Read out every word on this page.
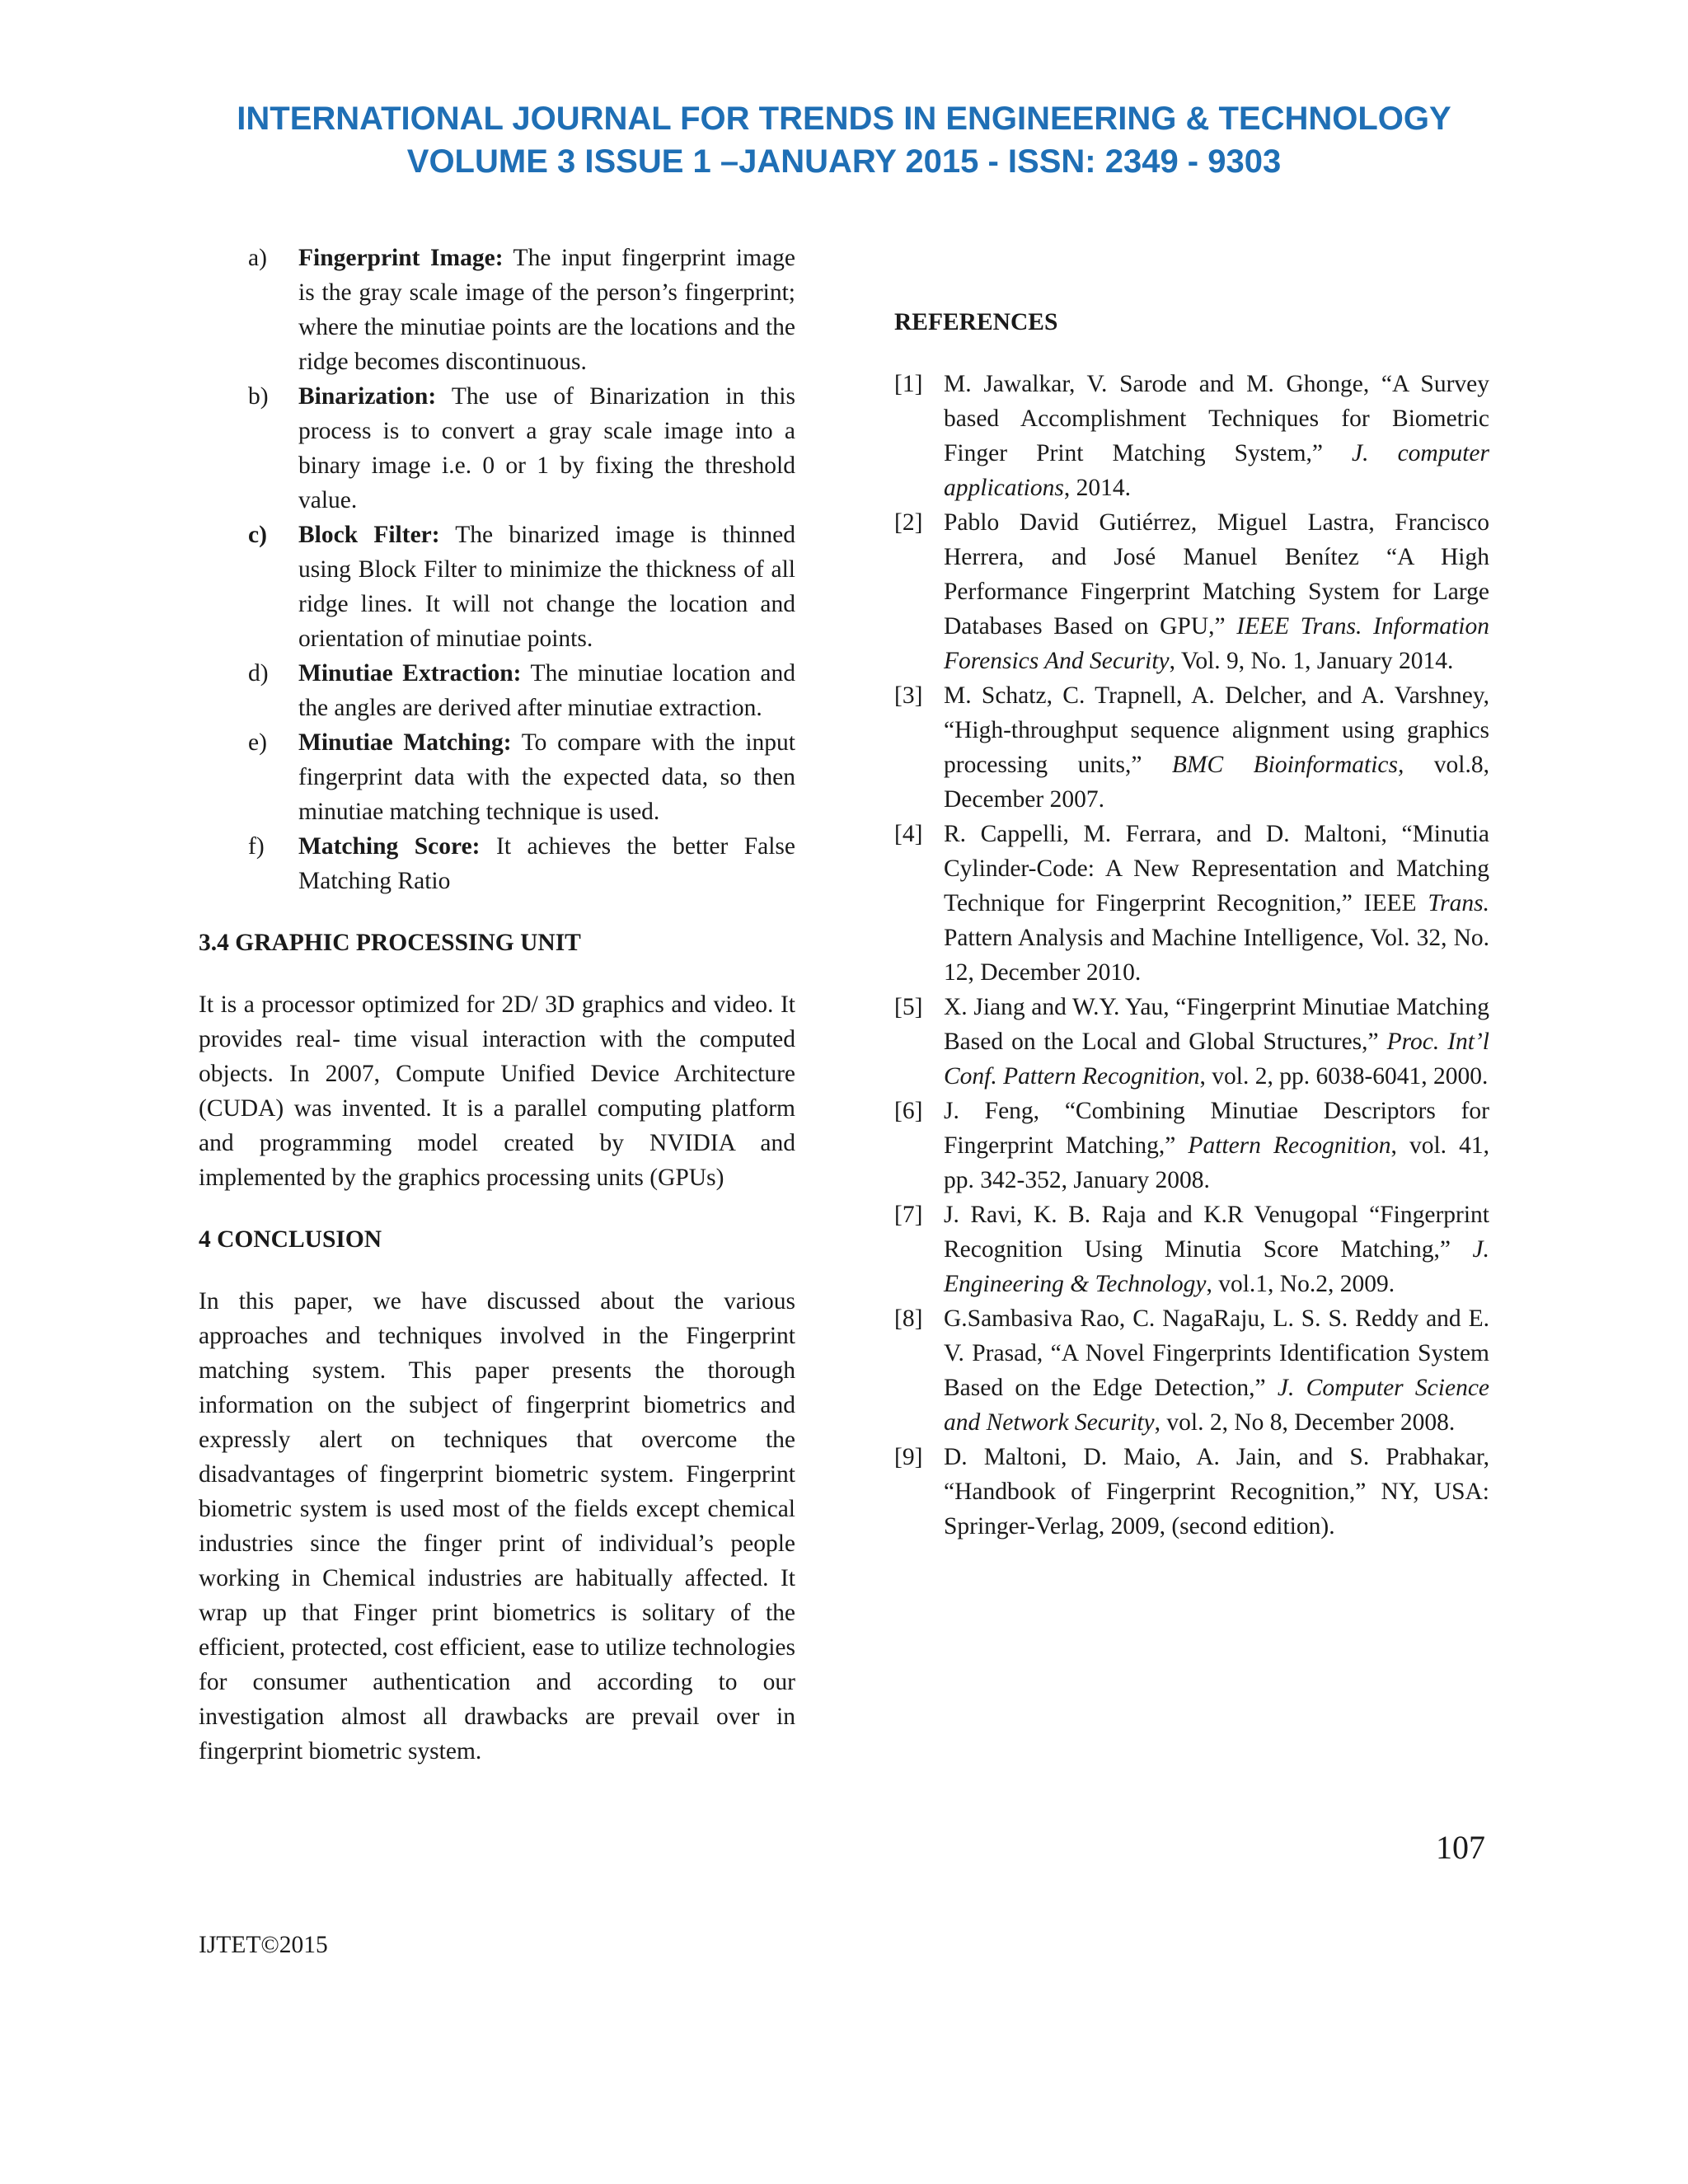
INTERNATIONAL JOURNAL FOR TRENDS IN ENGINEERING & TECHNOLOGY
VOLUME 3 ISSUE 1 –JANUARY 2015 - ISSN: 2349 - 9303
a)	Fingerprint Image: The input fingerprint image is the gray scale image of the person’s fingerprint; where the minutiae points are the locations and the ridge becomes discontinuous.
b)	Binarization: The use of Binarization in this process is to convert a gray scale image into a binary image i.e. 0 or 1 by fixing the threshold value.
c)	Block Filter: The binarized image is thinned using Block Filter to minimize the thickness of all ridge lines. It will not change the location and orientation of minutiae points.
d)	Minutiae Extraction: The minutiae location and the angles are derived after minutiae extraction.
e)	Minutiae Matching: To compare with the input fingerprint data with the expected data, so then minutiae matching technique is used.
f)	Matching Score: It achieves the better False Matching Ratio
3.4 GRAPHIC PROCESSING UNIT

It is a processor optimized for 2D/ 3D graphics and video. It provides real- time visual interaction with the computed objects. In 2007, Compute Unified Device Architecture (CUDA) was invented. It is a parallel computing platform and programming model created by NVIDIA and implemented by the graphics processing units (GPUs)

4 CONCLUSION

In this paper, we have discussed about the various approaches and techniques involved in the Fingerprint matching system. This paper presents the thorough information on the subject of fingerprint biometrics and expressly alert on techniques that overcome the disadvantages of fingerprint biometric system. Fingerprint biometric system is used most of the fields except chemical industries since the finger print of individual’s people working in Chemical industries are habitually affected. It wrap up that Finger print biometrics is solitary of the efficient, protected, cost efficient, ease to utilize technologies for consumer authentication and according to our investigation almost all drawbacks are prevail over in fingerprint biometric system.

REFERENCES
[1] M. Jawalkar, V. Sarode and M. Ghonge, “A Survey based Accomplishment Techniques for Biometric Finger Print Matching System,” J. computer applications, 2014.
[2] Pablo David Gutiérrez, Miguel Lastra, Francisco Herrera, and José Manuel Benítez “A High Performance Fingerprint Matching System for Large Databases Based on GPU,” IEEE Trans. Information Forensics And Security, Vol. 9, No. 1, January 2014.
[3] M. Schatz, C. Trapnell, A. Delcher, and A. Varshney, “High-throughput sequence alignment using graphics processing units,” BMC Bioinformatics, vol.8, December 2007.
[4] R. Cappelli, M. Ferrara, and D. Maltoni, “Minutia Cylinder-Code: A New Representation and Matching Technique for Fingerprint Recognition,” IEEE Trans. Pattern Analysis and Machine Intelligence, Vol. 32, No. 12, December 2010.
[5] X. Jiang and W.Y. Yau, “Fingerprint Minutiae Matching Based on the Local and Global Structures,” Proc. Int’l Conf. Pattern Recognition, vol. 2, pp. 6038-6041, 2000.
[6] J. Feng, “Combining Minutiae Descriptors for Fingerprint Matching,” Pattern Recognition, vol. 41, pp. 342-352, January 2008.
[7] J. Ravi, K. B. Raja and K.R Venugopal “Fingerprint Recognition Using Minutia Score Matching,” J. Engineering & Technology, vol.1, No.2, 2009.
[8] G.Sambasiva Rao, C. NagaRaju, L. S. S. Reddy and E. V. Prasad, “A Novel Fingerprints Identification System Based on the Edge Detection,” J. Computer Science and Network Security, vol. 2, No 8, December 2008.
[9] D. Maltoni, D. Maio, A. Jain, and S. Prabhakar, “Handbook of Fingerprint Recognition,” NY, USA: Springer-Verlag, 2009, (second edition).
107
IJTET©2015
